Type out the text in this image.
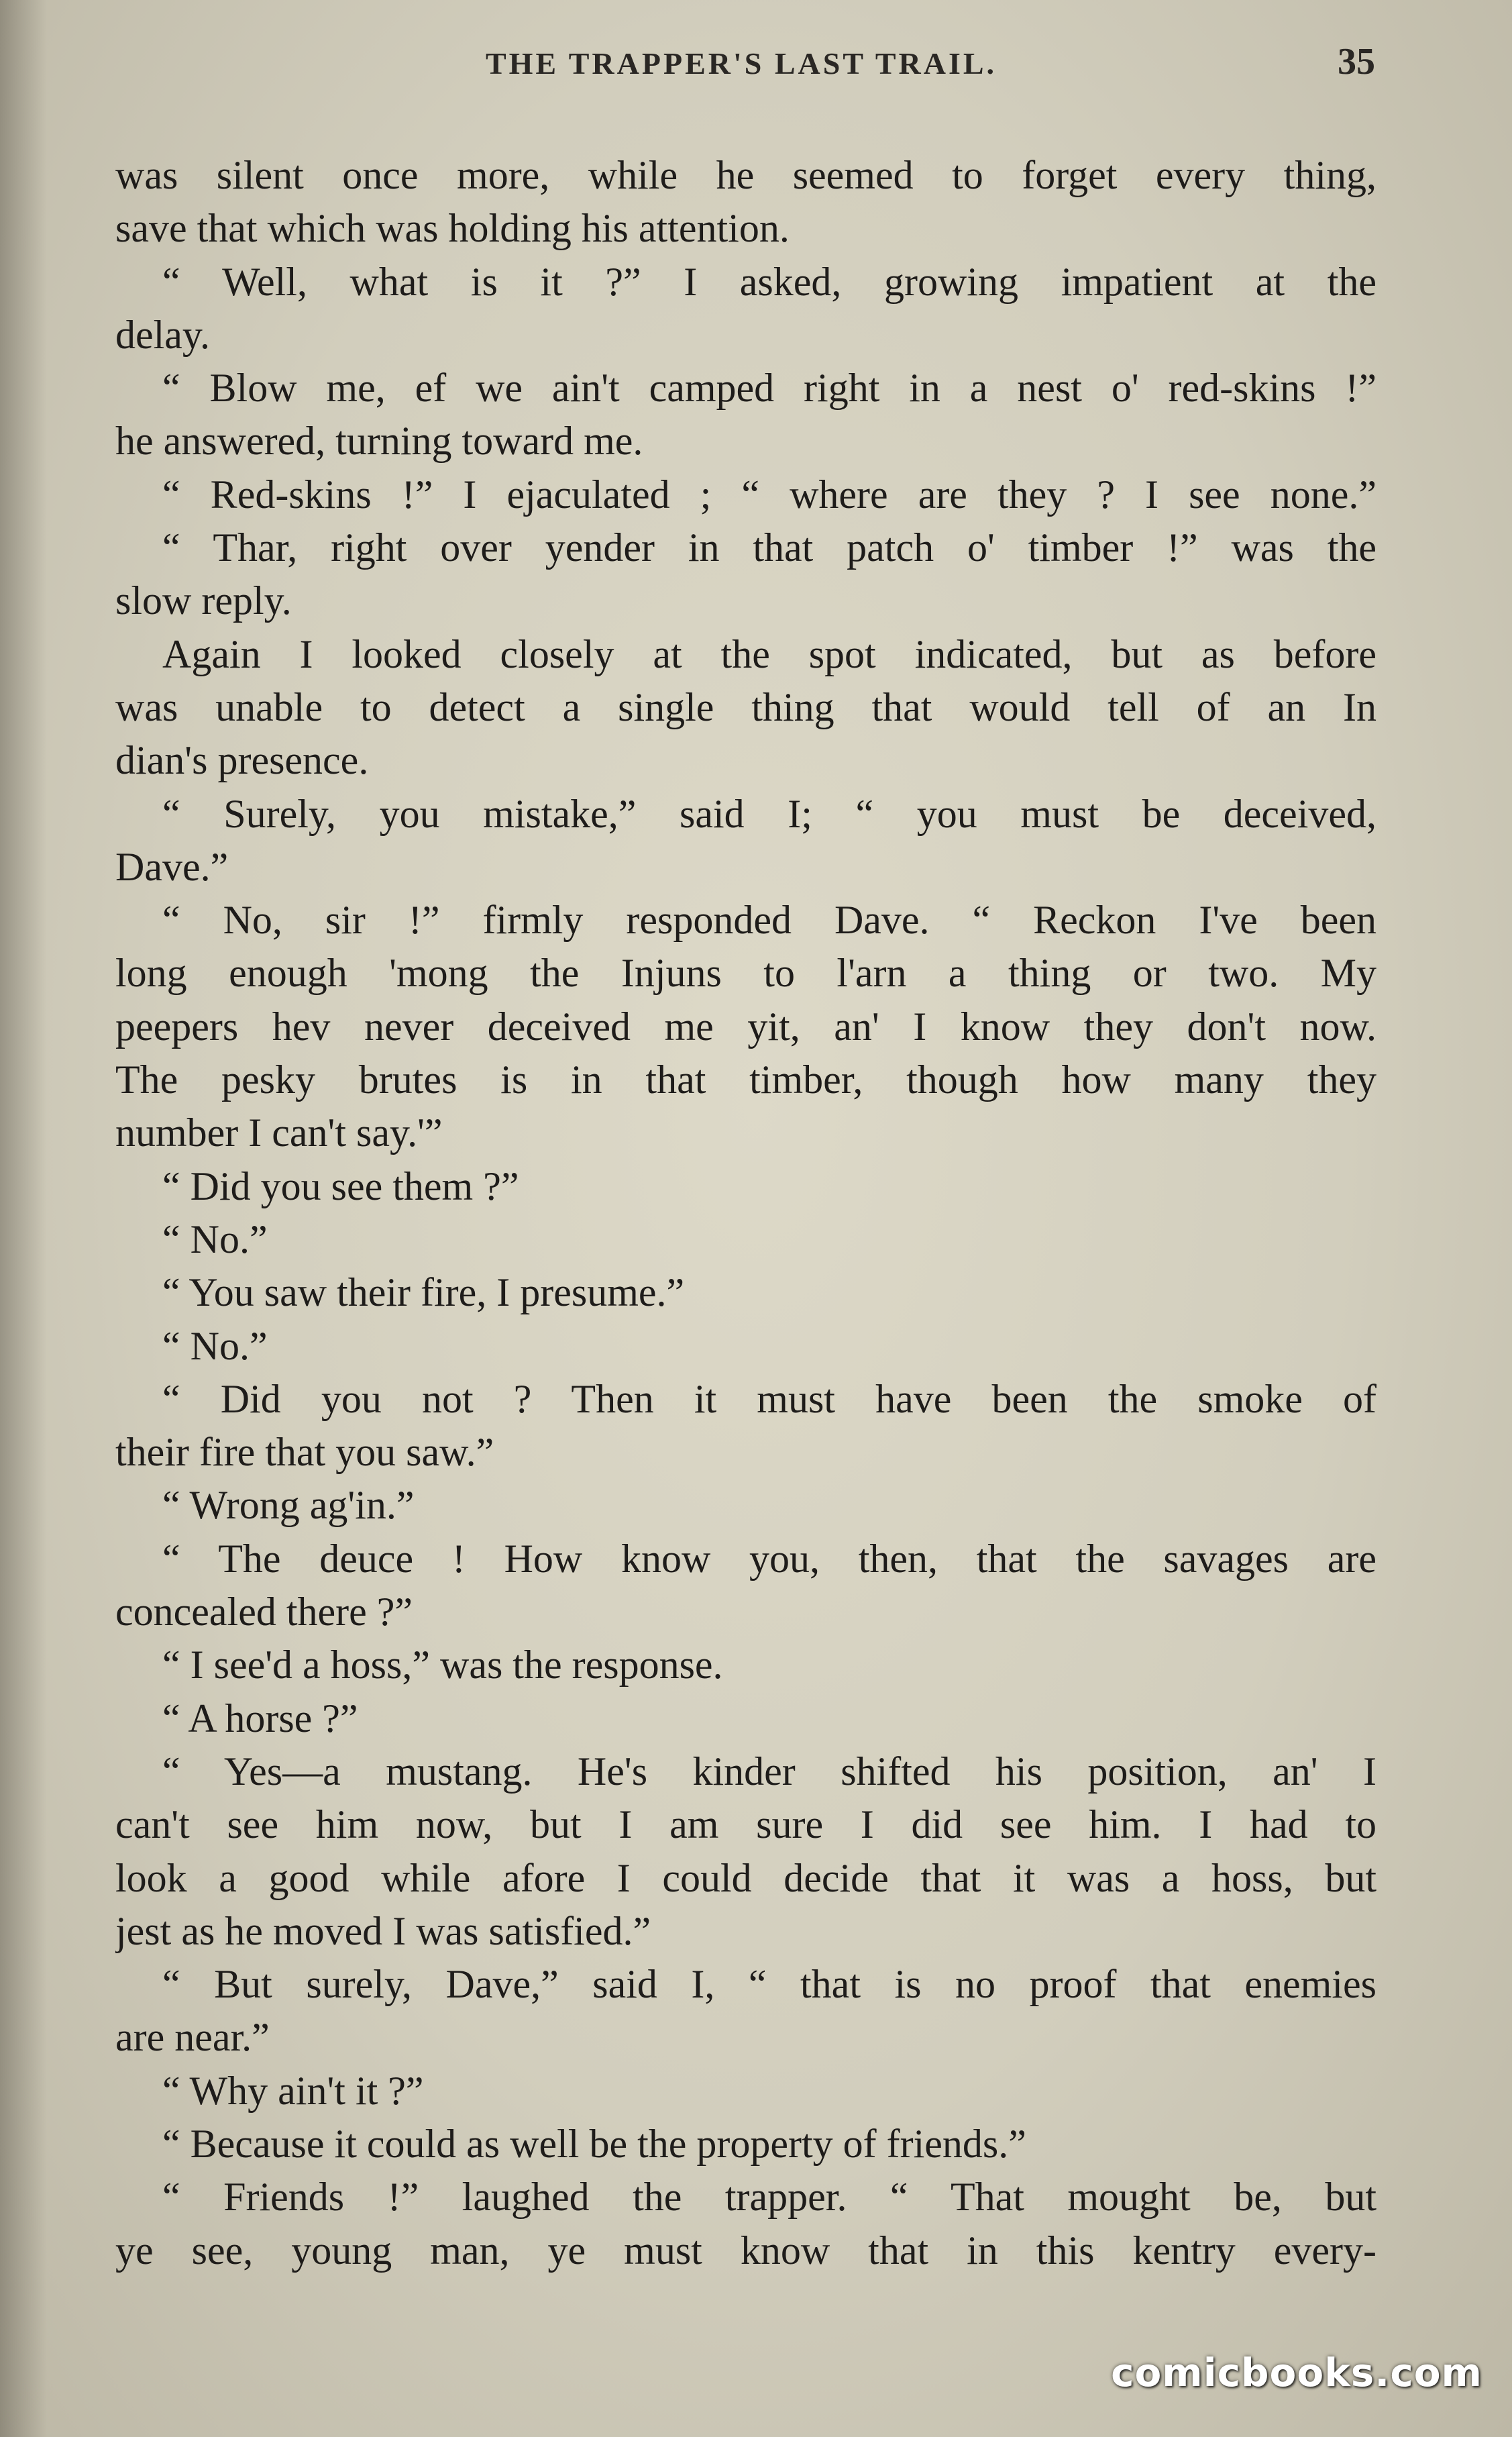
THE TRAPPER'S LAST TRAIL.	35
was silent once more, while he seemed to forget every thing,
save that which was holding his attention.
“ Well, what is it ?” I asked, growing impatient at the
delay.
“ Blow me, ef we ain't camped right in a nest o' red-skins !”
he answered, turning toward me.
“ Red-skins !” I ejaculated ; “ where are they ? I see none.”
“ Thar, right over yender in that patch o' timber !” was the
slow reply.
Again I looked closely at the spot indicated, but as before
was unable to detect a single thing that would tell of an In
dian's presence.
“ Surely, you mistake,” said I; “ you must be deceived,
Dave.”
“ No, sir !” firmly responded Dave. “ Reckon I've been
long enough 'mong the Injuns to l'arn a thing or two. My
peepers hev never deceived me yit, an' I know they don't now.
The pesky brutes is in that timber, though how many they
number I can't say.'”
“ Did you see them ?”
“ No.”
“ You saw their fire, I presume.”
“ No.”
“ Did you not ? Then it must have been the smoke of
their fire that you saw.”
“ Wrong ag'in.”
“ The deuce ! How know you, then, that the savages are
concealed there ?”
“ I see'd a hoss,” was the response.
“ A horse ?”
“ Yes—a mustang. He's kinder shifted his position, an' I
can't see him now, but I am sure I did see him. I had to
look a good while afore I could decide that it was a hoss, but
jest as he moved I was satisfied.”
“ But surely, Dave,” said I, “ that is no proof that enemies
are near.”
“ Why ain't it ?”
“ Because it could as well be the property of friends.”
“ Friends !” laughed the trapper. “ That mought be, but
ye see, young man, ye must know that in this kentry every-
comicbooks.com
